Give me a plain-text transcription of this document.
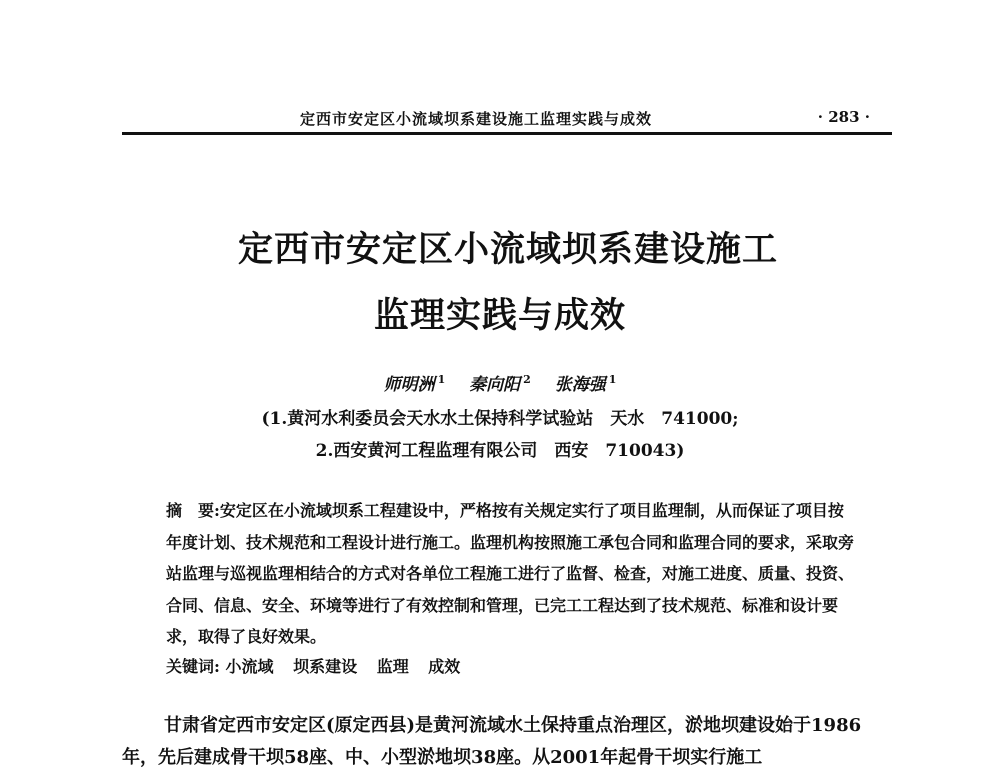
定西市安定区小流域坝系建设施工监理实践与成效	· 283 ·
定西市安定区小流域坝系建设施工
监理实践与成效
师明洲 $^1$ 秦向阳 $^2$ 张海强 $^1$
(1.黄河水利委员会天水水土保持科学试验站　天水　741000;
2.西安黄河工程监理有限公司　西安　710043)
摘　要:安定区在小流域坝系工程建设中，严格按有关规定实行了项目监理制，从而保证了项目按年度计划、技术规范和工程设计进行施工。监理机构按照施工承包合同和监理合同的要求，采取旁站监理与巡视监理相结合的方式对各单位工程施工进行了监督、检查，对施工进度、质量、投资、合同、信息、安全、环境等进行了有效控制和管理，已完工工程达到了技术规范、标准和设计要求，取得了良好效果。
关键词: 小流域 坝系建设 监理 成效
甘肃省定西市安定区(原定西县)是黄河流域水土保持重点治理区，淤地坝建设始于1986年，先后建成骨干坝58座、中、小型淤地坝38座。从2001年起骨干坝实行施工
